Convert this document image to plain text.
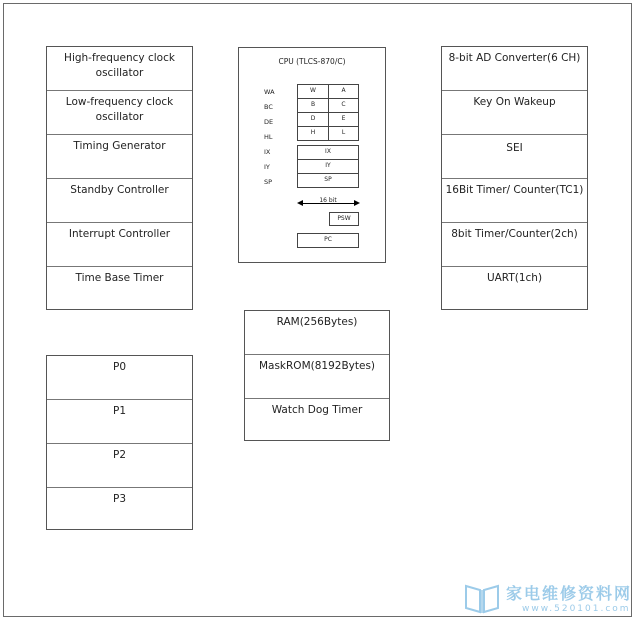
High-frequency clock oscillator
Low-frequency clock oscillator
Timing Generator
Standby Controller
Interrupt Controller
Time Base Timer
CPU (TLCS-870/C)
WA
BC
DE
HL
IX
IY
SP
W	A
B	C
D	E
H	L
IX
IY
SP
16 bit
PSW
PC
8-bit AD Converter(6 CH)
Key On Wakeup
SEI
16Bit Timer/ Counter(TC1)
8bit Timer/Counter(2ch)
UART(1ch)
RAM(256Bytes)
MaskROM(8192Bytes)
Watch Dog Timer
P0
P1
P2
P3
家电维修资料网
www.520101.com
